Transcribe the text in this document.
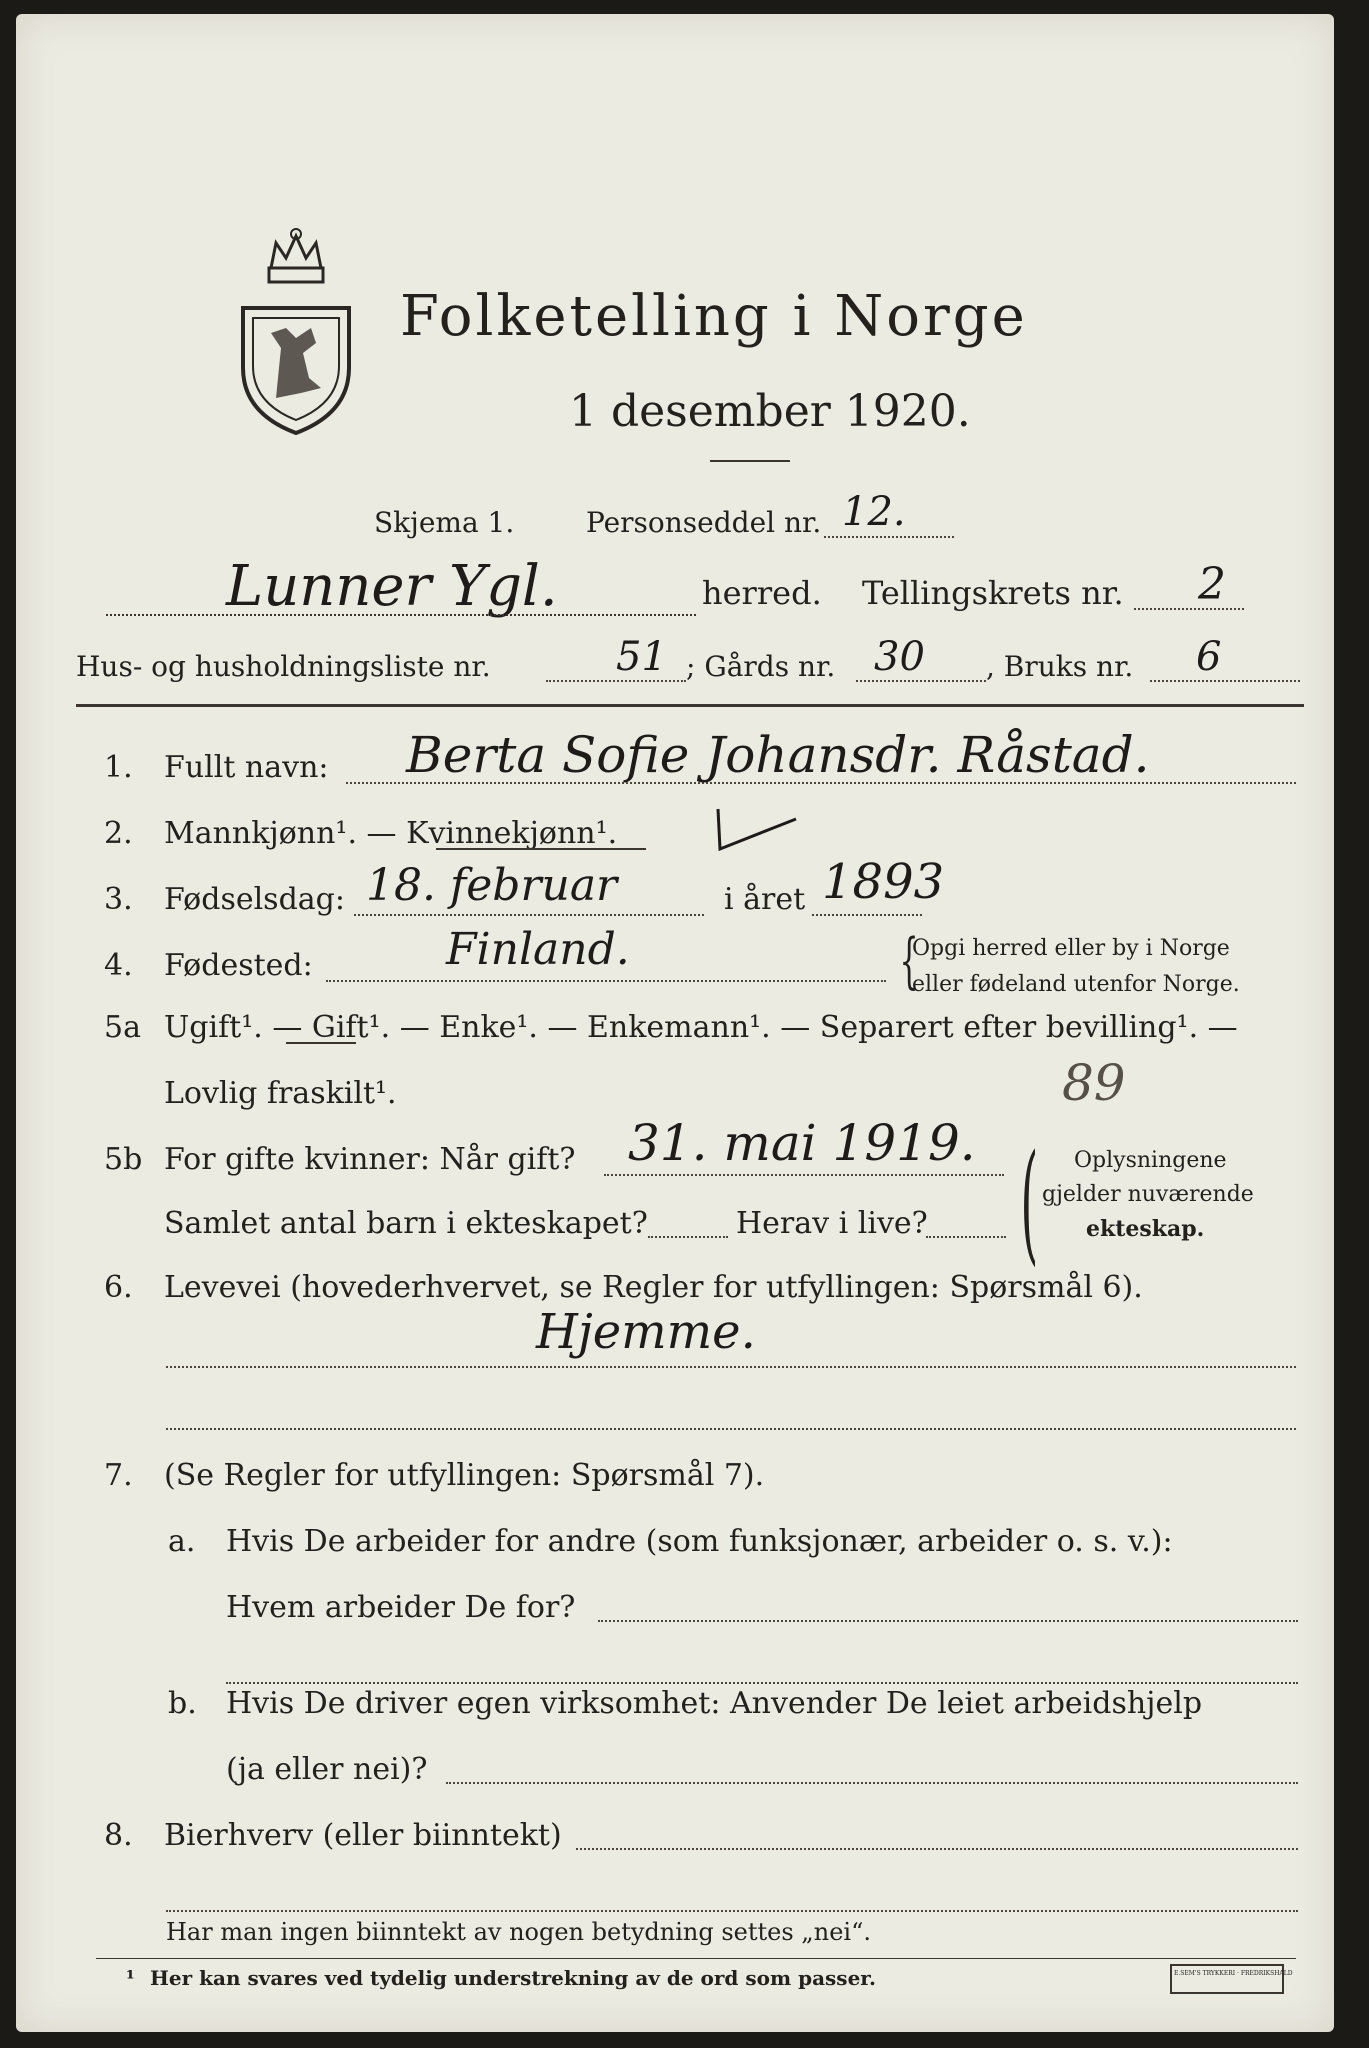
Folketelling i Norge
1 desember 1920.
Skjema 1.	Personseddel nr. 12.
Lunner Ygl.	herred. Tellingskrets nr. 2
Hus- og husholdningsliste nr.	51 ; Gårds nr. 30 , Bruks nr. 6
1. Fullt navn: Berta Sofie Johansdr. Råstad.
2. Mannkjønn¹. — Kvinnekjønn¹.
3. Fødselsdag: 18. februar	i året 1893
4. Fødested:	Finland.	{
Opgi herred eller by i Norge
eller fødeland utenfor Norge.
5a Ugift¹. — Gift¹. — Enke¹. — Enkemann¹. — Separert efter bevilling¹. —
Lovlig fraskilt¹.	89
5b For gifte kvinner: Når gift? 31. mai 1919.
Samlet antal barn i ekteskapet?	Herav i live? ( Oplysningene
gjelder nuværende
ekteskap.
6. Levevei (hovederhvervet, se Regler for utfyllingen: Spørsmål 6).
Hjemme.
7. (Se Regler for utfyllingen: Spørsmål 7).
a. Hvis De arbeider for andre (som funksjonær, arbeider o. s. v.):
Hvem arbeider De for?
b. Hvis De driver egen virksomhet: Anvender De leiet arbeidshjelp
(ja eller nei)?
8. Bierhverv (eller biinntekt)
Har man ingen biinntekt av nogen betydning settes „nei“.
¹ Her kan svares ved tydelig understrekning av de ord som passer.	E.SEM'S TRYKKERI · FREDRIKSHALD
